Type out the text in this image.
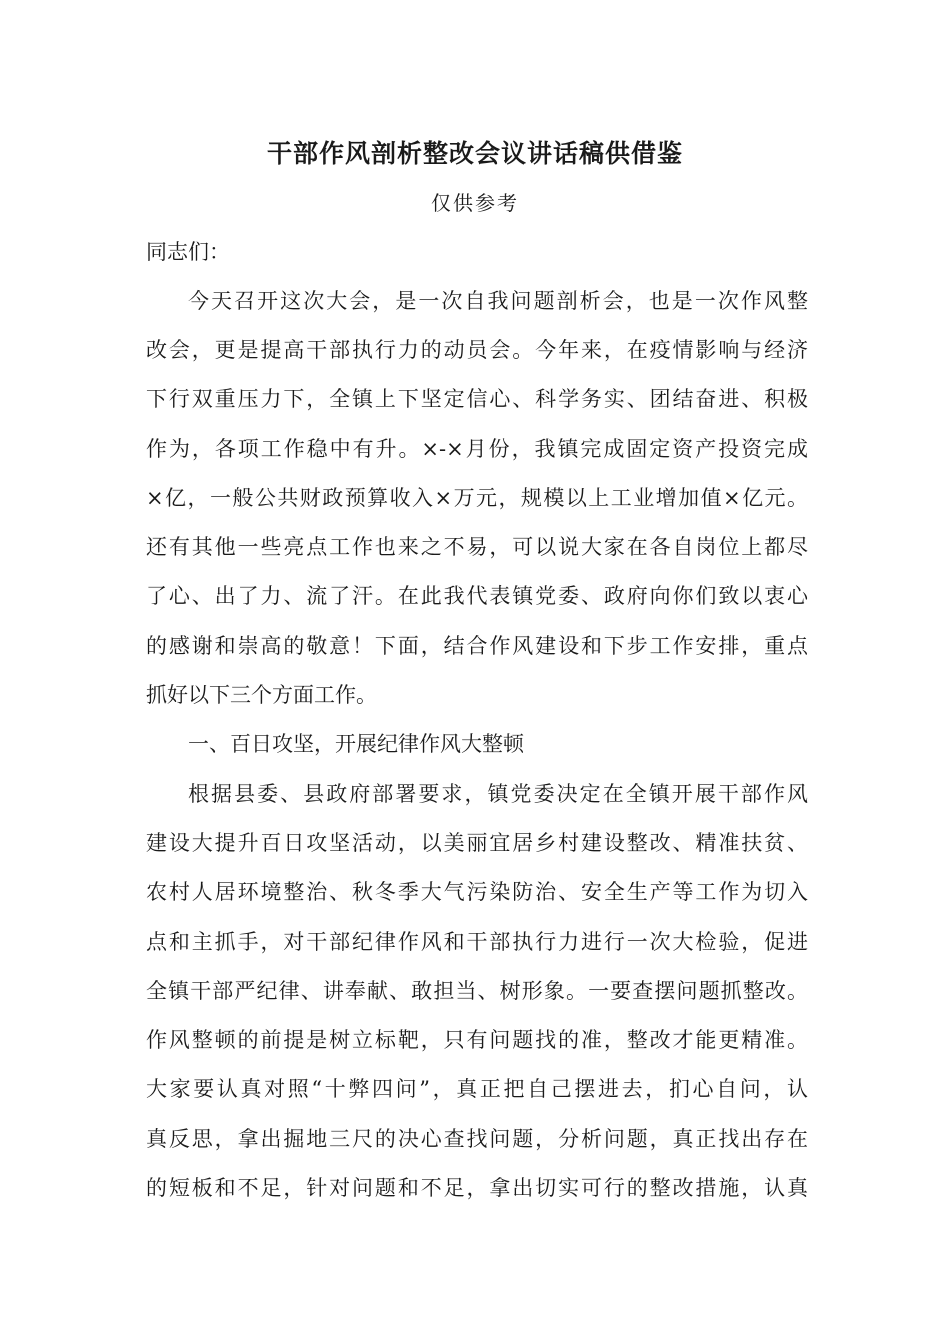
干部作风剖析整改会议讲话稿供借鉴
仅供参考
同志们：
今天召开这次大会，是一次自我问题剖析会，也是一次作风整
改会，更是提高干部执行力的动员会。今年来，在疫情影响与经济
下行双重压力下，全镇上下坚定信心、科学务实、团结奋进、积极
作为，各项工作稳中有升。×-×月份，我镇完成固定资产投资完成
×亿，一般公共财政预算收入×万元，规模以上工业增加值×亿元。
还有其他一些亮点工作也来之不易，可以说大家在各自岗位上都尽
了心、出了力、流了汗。在此我代表镇党委、政府向你们致以衷心
的感谢和崇高的敬意！下面，结合作风建设和下步工作安排，重点
抓好以下三个方面工作。
一、百日攻坚，开展纪律作风大整顿
根据县委、县政府部署要求，镇党委决定在全镇开展干部作风
建设大提升百日攻坚活动，以美丽宜居乡村建设整改、精准扶贫、
农村人居环境整治、秋冬季大气污染防治、安全生产等工作为切入
点和主抓手，对干部纪律作风和干部执行力进行一次大检验，促进
全镇干部严纪律、讲奉献、敢担当、树形象。一要查摆问题抓整改。
作风整顿的前提是树立标靶，只有问题找的准，整改才能更精准。
大家要认真对照“十弊四问”，真正把自己摆进去，扪心自问，认
真反思，拿出掘地三尺的决心查找问题，分析问题，真正找出存在
的短板和不足，针对问题和不足，拿出切实可行的整改措施，认真
